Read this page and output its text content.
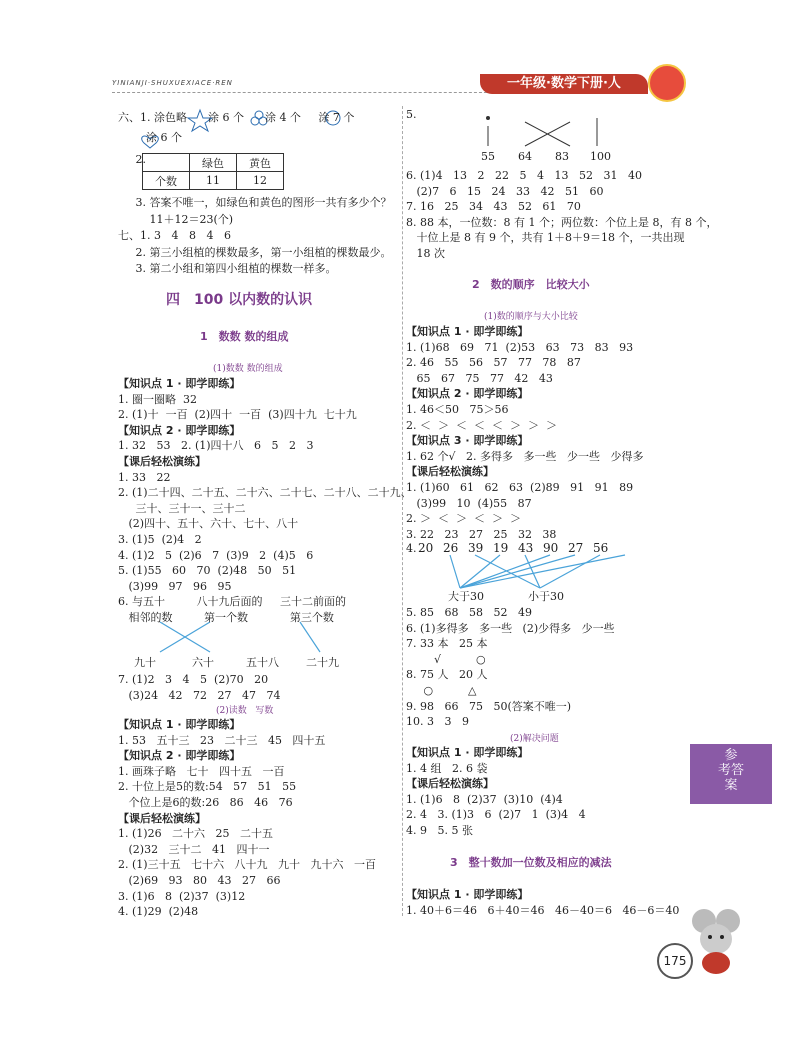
YINIANJI·SHUXUEXIACE·REN	一年级·数学下册·人
	绿色	黄色
个数	11	12
六、1. 涂色略      涂 6 个      涂 4 个     涂 7 个
涂 6 个
2.
3. 答案不唯一，如绿色和黄色的图形一共有多少个？
11＋12＝23(个)
七、1. 3   4   8   4   6
2. 第三小组植的棵数最多，第一小组植的棵数最少。
3. 第二小组和第四小组植的棵数一样多。
四　100 以内数的认识
1　数数 数的组成
(1)数数 数的组成
【知识点 1 · 即学即练】
1. 圈一圈略  32
2. (1)十  一百  (2)四十  一百  (3)四十九  七十九
【知识点 2 · 即学即练】
1. 32   53   2. (1)四十八   6   5   2   3
【课后轻松演练】
1. 33   22
2. (1)二十四、二十五、二十六、二十七、二十八、二十九、
三十、三十一、三十二
(2)四十、五十、六十、七十、八十
3. (1)5  (2)4   2
4. (1)2   5  (2)6   7  (3)9   2  (4)5   6
5. (1)55   60   70  (2)48   50   51
(3)99   97   96   95
6. 与五十         八十九后面的     三十二前面的
相邻的数         第一个数            第三个数
九十	六十	五十八 二十九
7. (1)2   3   4   5  (2)70   20
(3)24   42   72   27   47   74
(2)读数   写数
【知识点 1 · 即学即练】
1. 53   五十三   23   二十三   45   四十五
【知识点 2 · 即学即练】
1. 画珠子略   七十   四十五   一百
2. 十位上是5的数:54   57   51   55
个位上是6的数:26   86   46   76
【课后轻松演练】
1. (1)26   二十六   25   二十五
(2)32   三十二   41   四十一
2. (1)三十五   七十六   八十九   九十   九十六   一百
(2)69   93   80   43   27   66
3. (1)6   8  (2)37  (3)12
4. (1)29  (2)48
5.
55 64 83 100
6. (1)4   13   2   22   5   4   13   52   31   40
(2)7   6   15   24   33   42   51   60
7. 16   25   34   43   52   61   70
8. 88 本，一位数：8 有 1 个；两位数：个位上是 8，有 8 个，
十位上是 8 有 9 个，共有 1＋8＋9＝18 个，一共出现
18 次
2　数的顺序　比较大小
(1)数的顺序与大小比较
【知识点 1 · 即学即练】
1. (1)68   69   71  (2)53   63   73   83   93
2. 46   55   56   57   77   78   87
65   67   75   77   42   43
【知识点 2 · 即学即练】
1. 46＜50   75＞56
2. ＜  ＞  ＜  ＜  ＜  ＞  ＞  ＞
【知识点 3 · 即学即练】
1. 62 个√   2. 多得多   多一些   少一些   少得多
【课后轻松演练】
1. (1)60   61   62   63  (2)89   91   91   89
(3)99   10  (4)55   87
2. ＞  ＜  ＞  ＜  ＞  ＞
3. 22   23   27   25   32   38
4. 20 26 39 19 43 90 27 56
大于30	小于30
5. 85   68   58   52   49
6. (1)多得多   多一些   (2)少得多   少一些
7. 33 本   25 本
√          ○
8. 75 人   20 人
○          △
9. 98   66   75   50(答案不唯一)
10. 3   3   9
(2)解决问题
【知识点 1 · 即学即练】
1. 4 组   2. 6 袋
【课后轻松演练】
1. (1)6   8  (2)37  (3)10  (4)4
2. 4   3. (1)3   6  (2)7   1  (3)4   4
4. 9   5. 5 张
3　整十数加一位数及相应的减法
【知识点 1 · 即学即练】
1. 40＋6＝46   6＋40＝46   46－40＝6   46－6＝40
参
考答
案
175
